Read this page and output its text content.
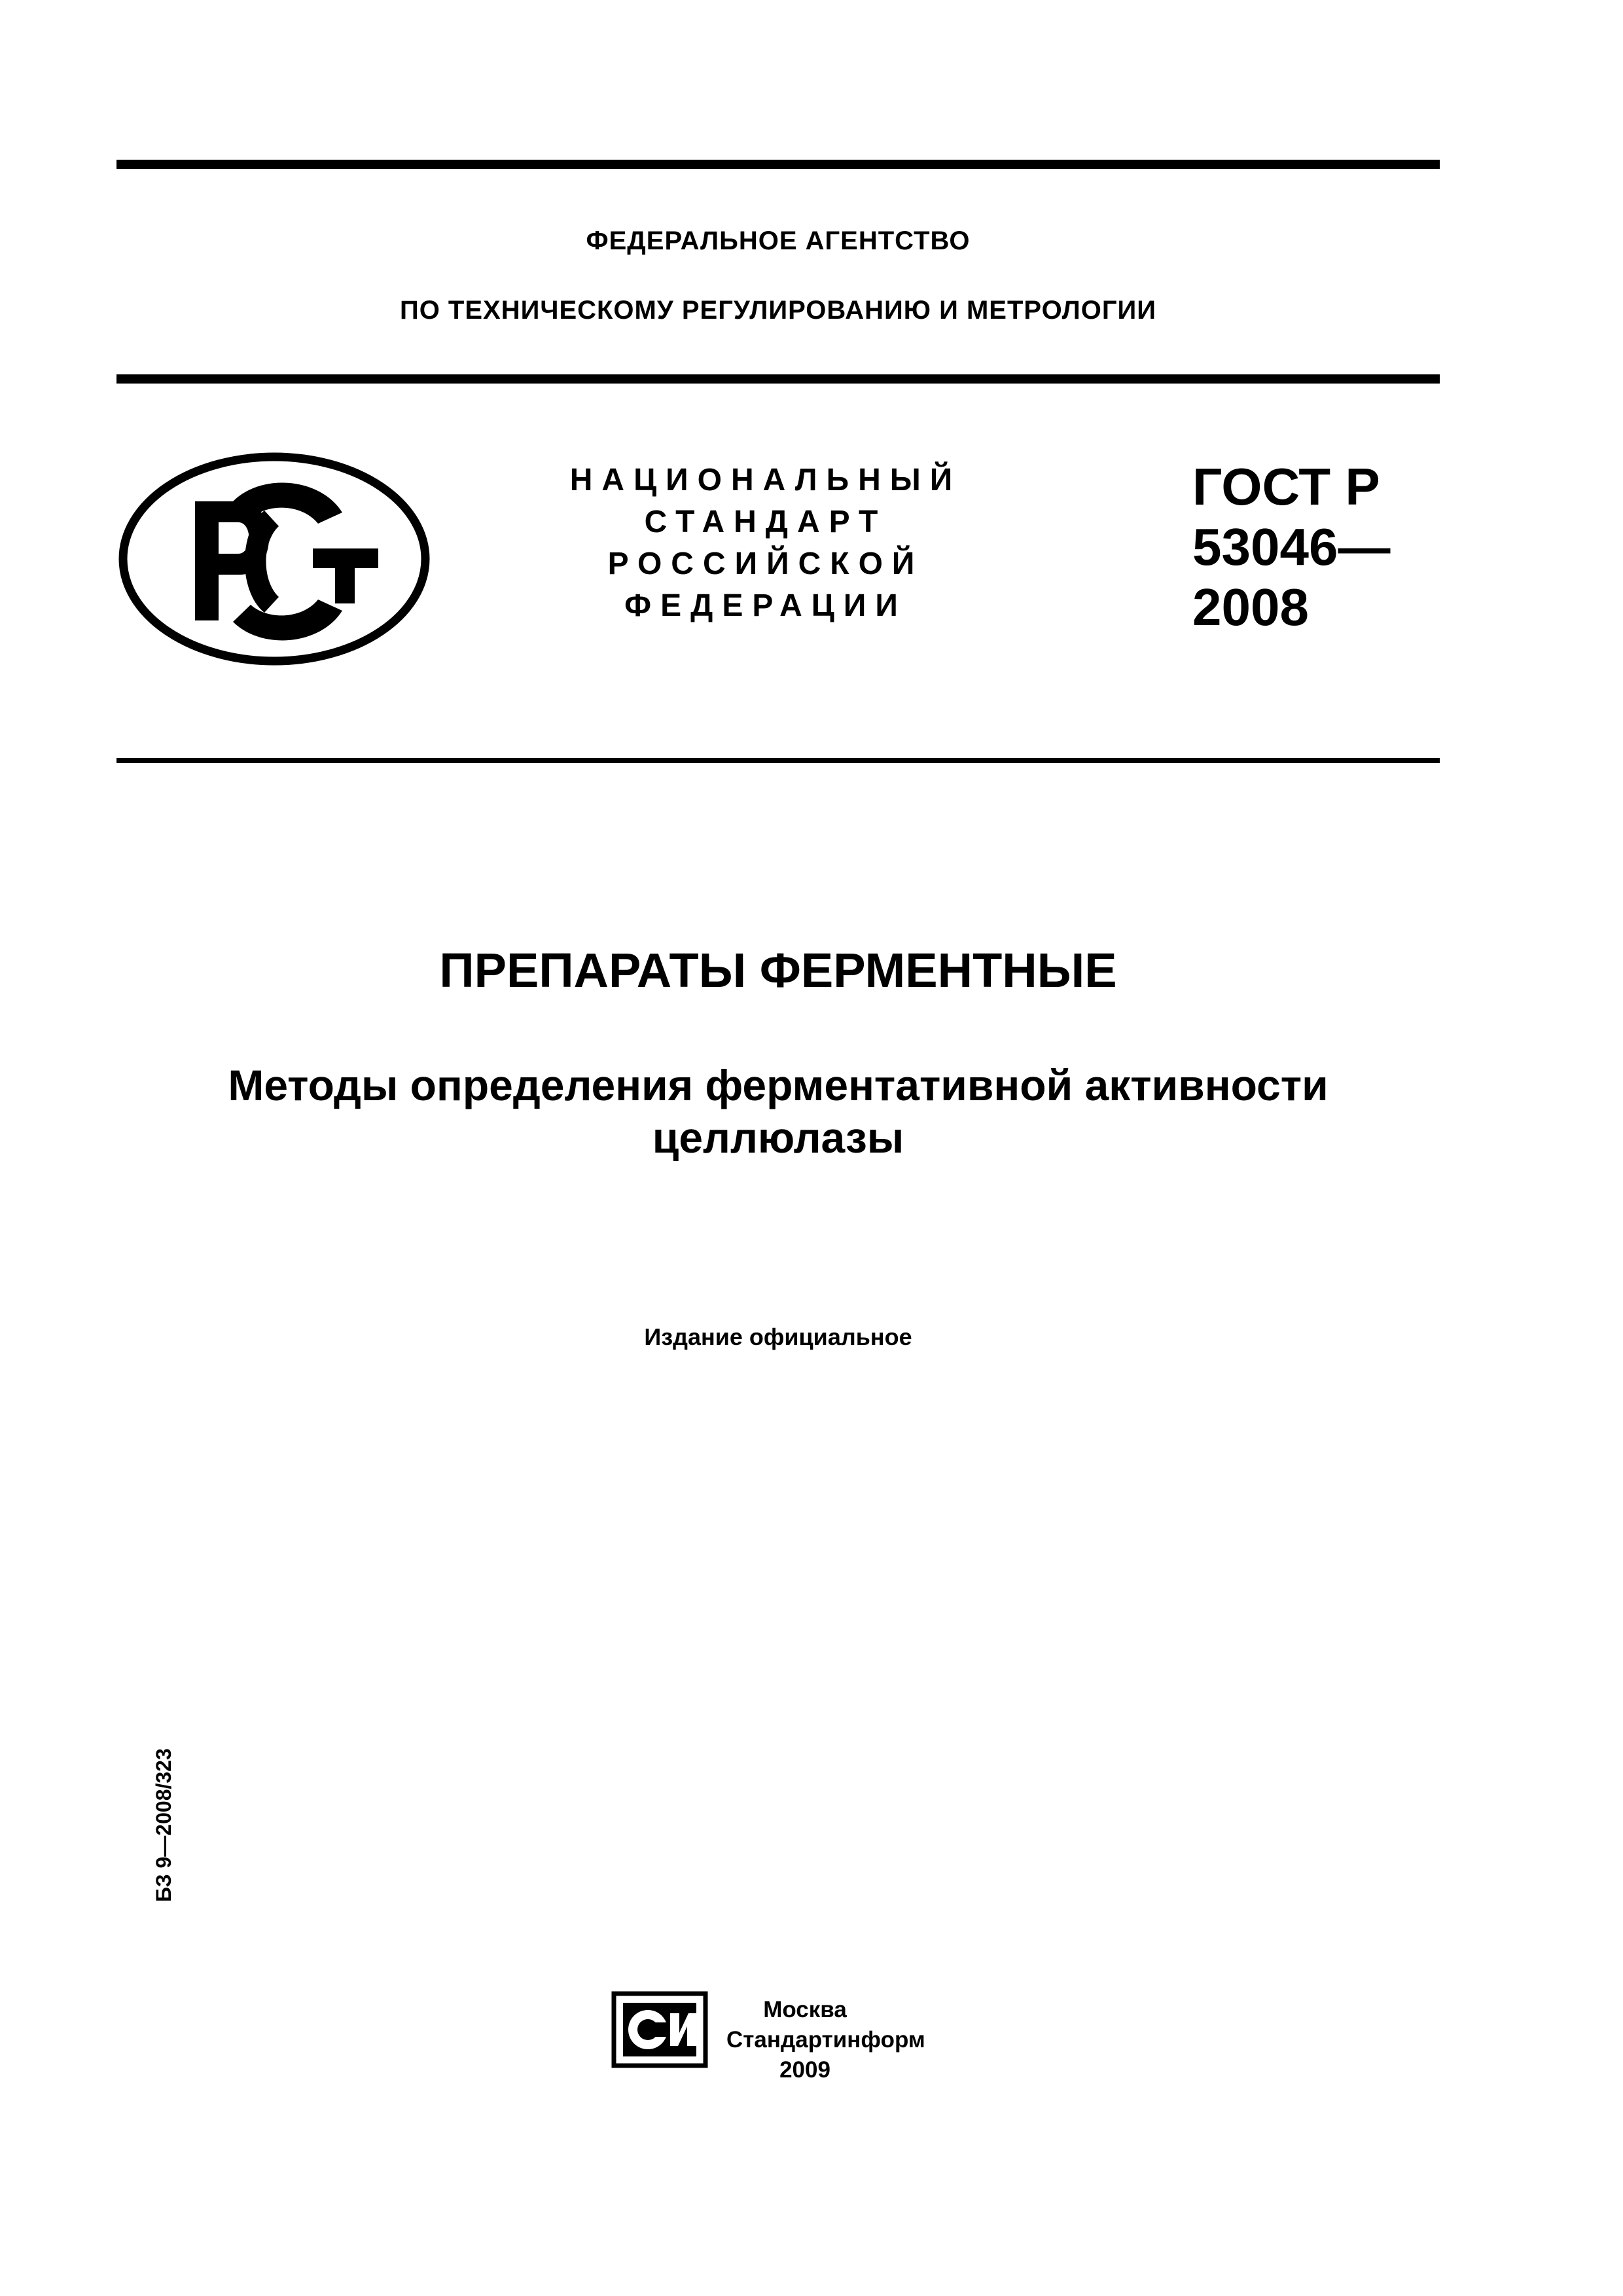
ФЕДЕРАЛЬНОЕ АГЕНТСТВО
ПО ТЕХНИЧЕСКОМУ РЕГУЛИРОВАНИЮ И МЕТРОЛОГИИ
НАЦИОНАЛЬНЫЙ
СТАНДАРТ
РОССИЙСКОЙ
ФЕДЕРАЦИИ
ГОСТ Р
53046—
2008
ПРЕПАРАТЫ ФЕРМЕНТНЫЕ
Методы определения ферментативной активности
целлюлазы
Издание официальное
БЗ 9—2008/323
Москва
Стандартинформ
2009
